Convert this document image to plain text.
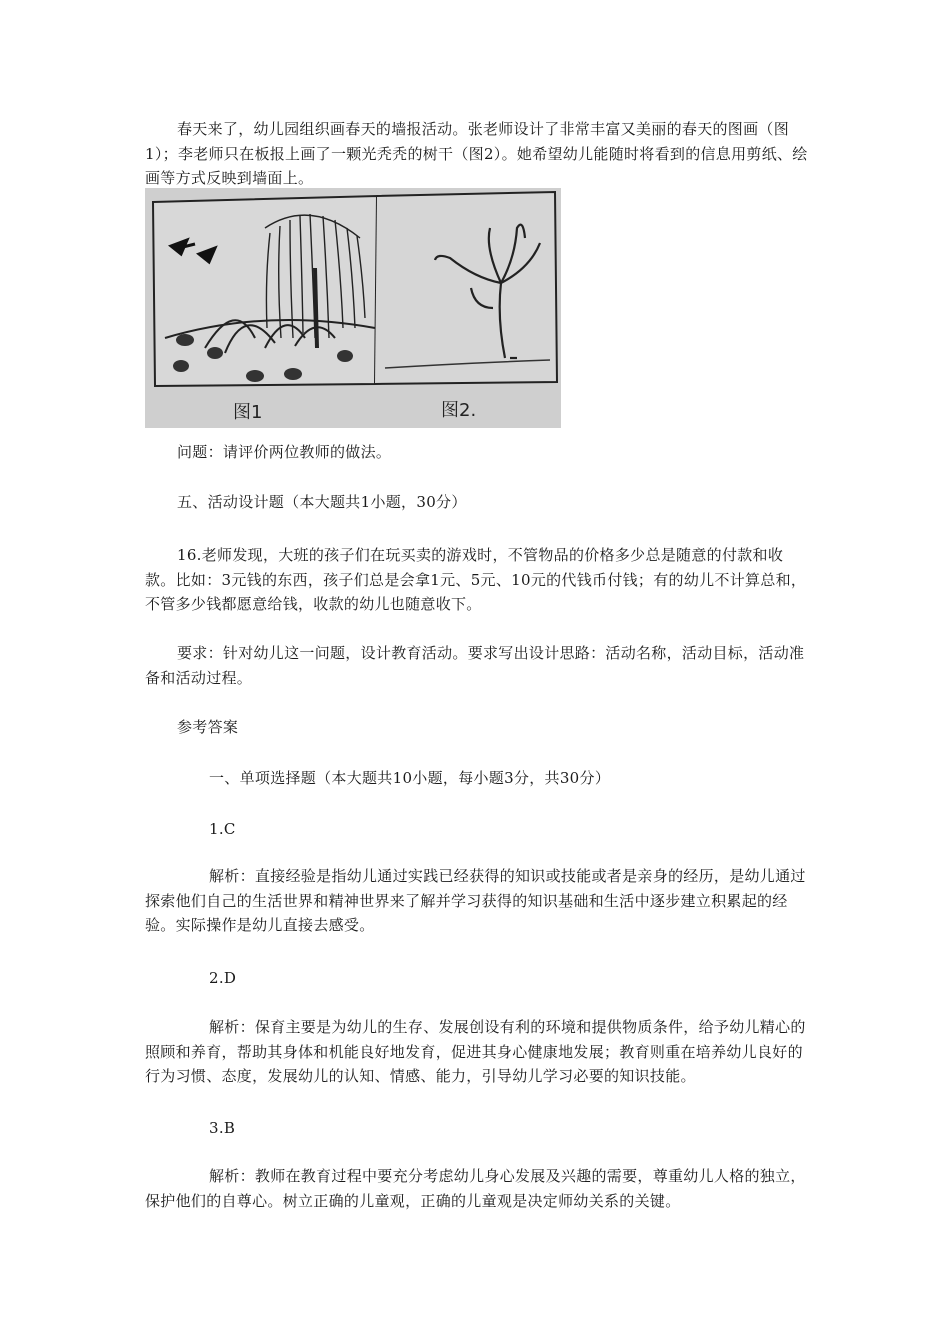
春天来了，幼儿园组织画春天的墙报活动。张老师设计了非常丰富又美丽的春天的图画（图1）；李老师只在板报上画了一颗光秃秃的树干（图2）。她希望幼儿能随时将看到的信息用剪纸、绘画等方式反映到墙面上。

问题：请评价两位教师的做法。

五、活动设计题（本大题共1小题，30分）

16.老师发现，大班的孩子们在玩买卖的游戏时，不管物品的价格多少总是随意的付款和收款。比如：3元钱的东西，孩子们总是会拿1元、5元、10元的代钱币付钱；有的幼儿不计算总和，不管多少钱都愿意给钱，收款的幼儿也随意收下。

要求：针对幼儿这一问题，设计教育活动。要求写出设计思路：活动名称，活动目标，活动准备和活动过程。

参考答案

一、单项选择题（本大题共10小题，每小题3分，共30分）

1.C

解析：直接经验是指幼儿通过实践已经获得的知识或技能或者是亲身的经历，是幼儿通过探索他们自己的生活世界和精神世界来了解并学习获得的知识基础和生活中逐步建立积累起的经验。实际操作是幼儿直接去感受。

2.D

解析：保育主要是为幼儿的生存、发展创设有利的环境和提供物质条件，给予幼儿精心的照顾和养育，帮助其身体和机能良好地发育，促进其身心健康地发展；教育则重在培养幼儿良好的行为习惯、态度，发展幼儿的认知、情感、能力，引导幼儿学习必要的知识技能。

3.B

解析：教师在教育过程中要充分考虑幼儿身心发展及兴趣的需要，尊重幼儿人格的独立，保护他们的自尊心。树立正确的儿童观，正确的儿童观是决定师幼关系的关键。

图1	图2.
